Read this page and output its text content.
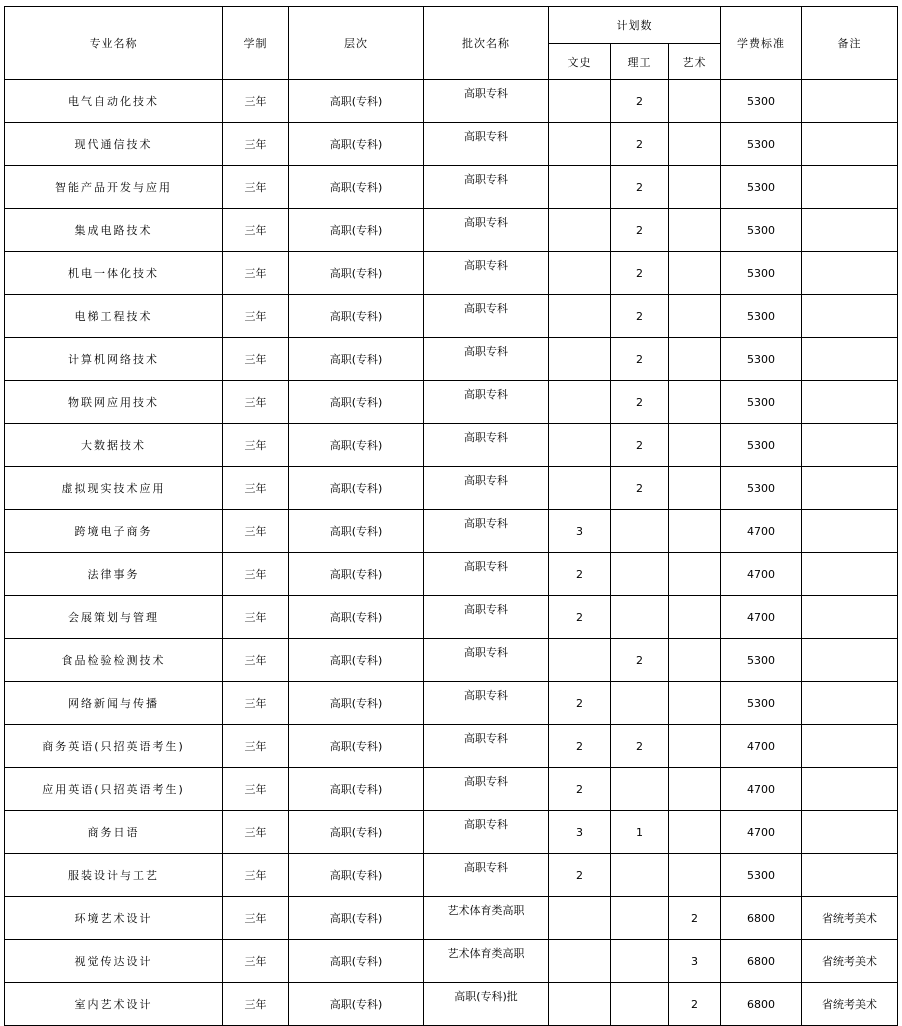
专业名称	学制	层次	批次名称	计划数			学费标准	备注
				文史	理工	艺术		
电气自动化技术	三年	高职(专科)	高职专科		2		5300	
现代通信技术	三年	高职(专科)	高职专科		2		5300	
智能产品开发与应用	三年	高职(专科)	高职专科		2		5300	
集成电路技术	三年	高职(专科)	高职专科		2		5300	
机电一体化技术	三年	高职(专科)	高职专科		2		5300	
电梯工程技术	三年	高职(专科)	高职专科		2		5300	
计算机网络技术	三年	高职(专科)	高职专科		2		5300	
物联网应用技术	三年	高职(专科)	高职专科		2		5300	
大数据技术	三年	高职(专科)	高职专科		2		5300	
虚拟现实技术应用	三年	高职(专科)	高职专科		2		5300	
跨境电子商务	三年	高职(专科)	高职专科	3			4700	
法律事务	三年	高职(专科)	高职专科	2			4700	
会展策划与管理	三年	高职(专科)	高职专科	2			4700	
食品检验检测技术	三年	高职(专科)	高职专科		2		5300	
网络新闻与传播	三年	高职(专科)	高职专科	2			5300	
商务英语(只招英语考生)	三年	高职(专科)	高职专科	2	2		4700	
应用英语(只招英语考生)	三年	高职(专科)	高职专科	2			4700	
商务日语	三年	高职(专科)	高职专科	3	1		4700	
服装设计与工艺	三年	高职(专科)	高职专科	2			5300	
环境艺术设计	三年	高职(专科)	艺术体育类高职			2	6800	省统考美术
视觉传达设计	三年	高职(专科)	艺术体育类高职			3	6800	省统考美术
室内艺术设计	三年	高职(专科)	高职(专科)批			2	6800	省统考美术
